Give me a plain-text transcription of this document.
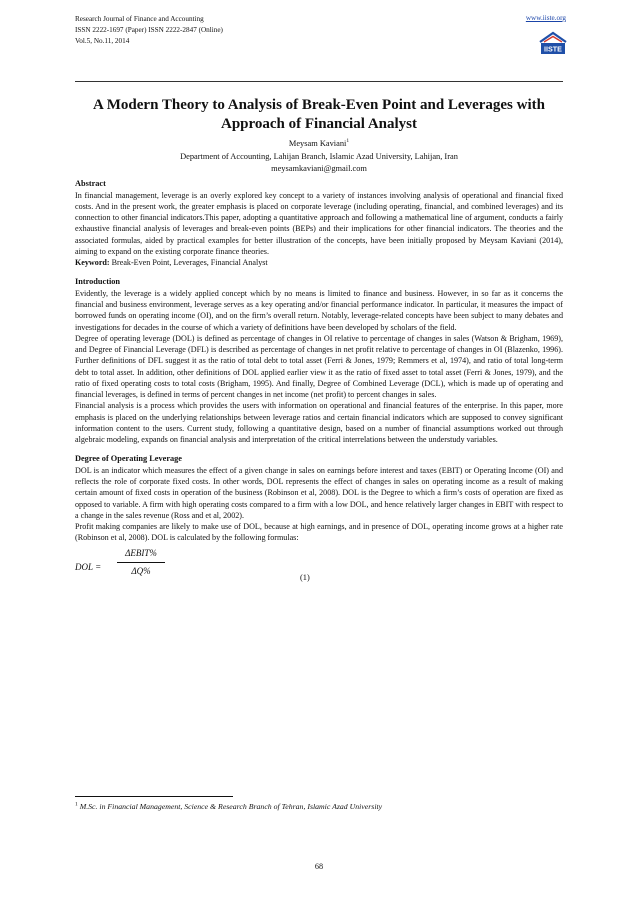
Research Journal of Finance and Accounting
ISSN 2222-1697 (Paper) ISSN 2222-2847 (Online)
Vol.5, No.11, 2014
www.iiste.org
IISTE
A Modern Theory to Analysis of Break-Even Point and Leverages with Approach of Financial Analyst
Meysam Kaviani$^1$
Department of Accounting, Lahijan Branch, Islamic Azad University, Lahijan, Iran
meysamkaviani@gmail.com
Abstract

In financial management, leverage is an overly explored key concept to a variety of instances involving analysis of operational and financial fixed costs. And in the present work, the greater emphasis is placed on corporate leverage (including operating, financial, and combined leverages) and its connection to other financial indicators.This paper, adopting a quantitative approach and following a mathematical line of argument, conducts a fairly exhaustive financial analysis of leverages and break-even points (BEPs) and their implications for other financial indicators. The theories and the associated formulas, aided by practical examples for better illustration of the concepts, have been initially proposed by Meysam Kaviani (2014), aiming to expand on the existing corporate finance theories.

Keyword: Break-Even Point, Leverages, Financial Analyst

Introduction

Evidently, the leverage is a widely applied concept which by no means is limited to finance and business. However, in so far as it concerns the financial and business environment, leverage serves as a key operating and/or financial performance indicator. In particular, it measures the impact of borrowed funds on operating income (OI), and on the firm’s overall return. Notably, leverage-related concepts have been subject to many debates and investigations for decades in the course of which a variety of definitions have been developed by scholars of the field.

Degree of operating leverage (DOL) is defined as percentage of changes in OI relative to percentage of changes in sales (Watson & Brigham, 1969), and Degree of Financial Leverage (DFL) is described as percentage of changes in net profit relative to percentage of changes in OI (Blazenko, 1996). Further definitions of DFL suggest it as the ratio of total debt to total asset (Ferri & Jones, 1979; Remmers et al, 1974), and ratio of total long-term debt to total asset. In addition, other definitions of DOL applied earlier view it as the ratio of fixed asset to total asset (Ferri & Jones, 1979), and the ratio of fixed operating costs to total costs (Brigham, 1995). And finally, Degree of Combined Leverage (DCL), which is made up of operating and financial leverages, is defined in terms of percent changes in net income (net profit) to percent changes in sales.

Financial analysis is a process which provides the users with information on operational and financial features of the enterprise. In this paper, more emphasis is placed on the underlying relationships between leverage ratios and certain financial indicators which are supposed to convey significant information content to the users. Current study, following a quantitative design, based on a number of financial assumptions worked out through algebraic modeling, expands on financial analysis and interpretation of the critical interrelations between the understudy variables.

Degree of Operating Leverage

DOL is an indicator which measures the effect of a given change in sales on earnings before interest and taxes (EBIT) or Operating Income (OI) and reflects the role of corporate fixed costs. In other words, DOL represents the effect of changes in sales on operating income as a result of making certain amount of fixed costs in operation of the business (Robinson et al, 2008). DOL is the Degree to which a firm’s costs of operation are fixed as opposed to variable. A firm with high operating costs compared to a firm with a low DOL, and hence relatively larger changes in EBIT with respect to a change in the sales revenue (Ross and et al, 2002).

Profit making companies are likely to make use of DOL, because at high earnings, and in presence of DOL, operating income grows at a higher rate (Robinson et al, 2008). DOL is calculated by the following formulas:

DOL =
ΔEBIT%
ΔQ%
(1)
$^1$ M.Sc. in Financial Management, Science & Research Branch of Tehran, Islamic Azad University
68
